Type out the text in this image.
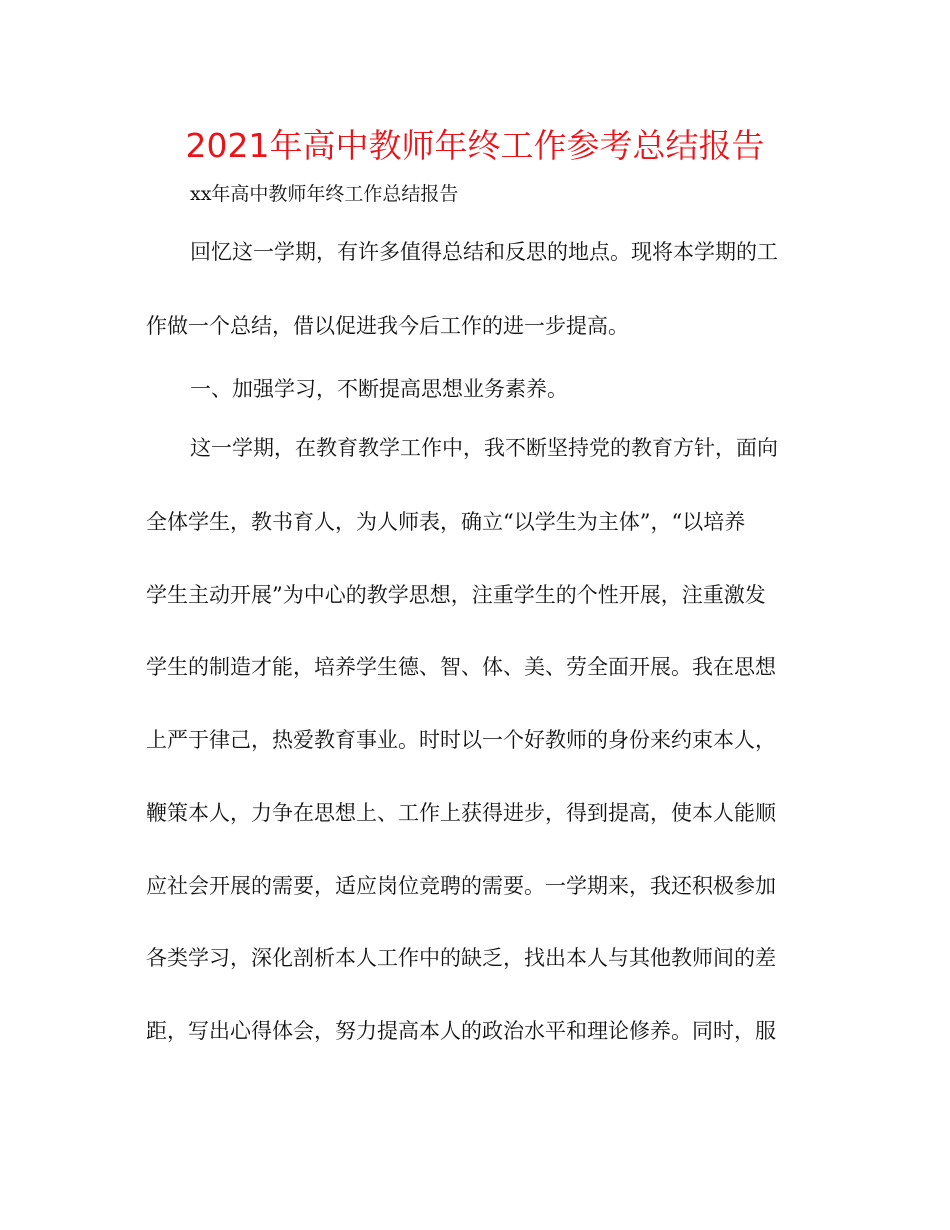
2021年高中教师年终工作参考总结报告

xx年高中教师年终工作总结报告

回忆这一学期，有许多值得总结和反思的地点。现将本学期的工

作做一个总结，借以促进我今后工作的进一步提高。

一、加强学习，不断提高思想业务素养。

这一学期，在教育教学工作中，我不断坚持党的教育方针，面向

全体学生，教书育人，为人师表，确立“以学生为主体”，“以培养

学生主动开展”为中心的教学思想，注重学生的个性开展，注重激发

学生的制造才能，培养学生德、智、体、美、劳全面开展。我在思想

上严于律己，热爱教育事业。时时以一个好教师的身份来约束本人，

鞭策本人，力争在思想上、工作上获得进步，得到提高，使本人能顺

应社会开展的需要，适应岗位竞聘的需要。一学期来，我还积极参加

各类学习，深化剖析本人工作中的缺乏，找出本人与其他教师间的差

距，写出心得体会，努力提高本人的政治水平和理论修养。同时，服
